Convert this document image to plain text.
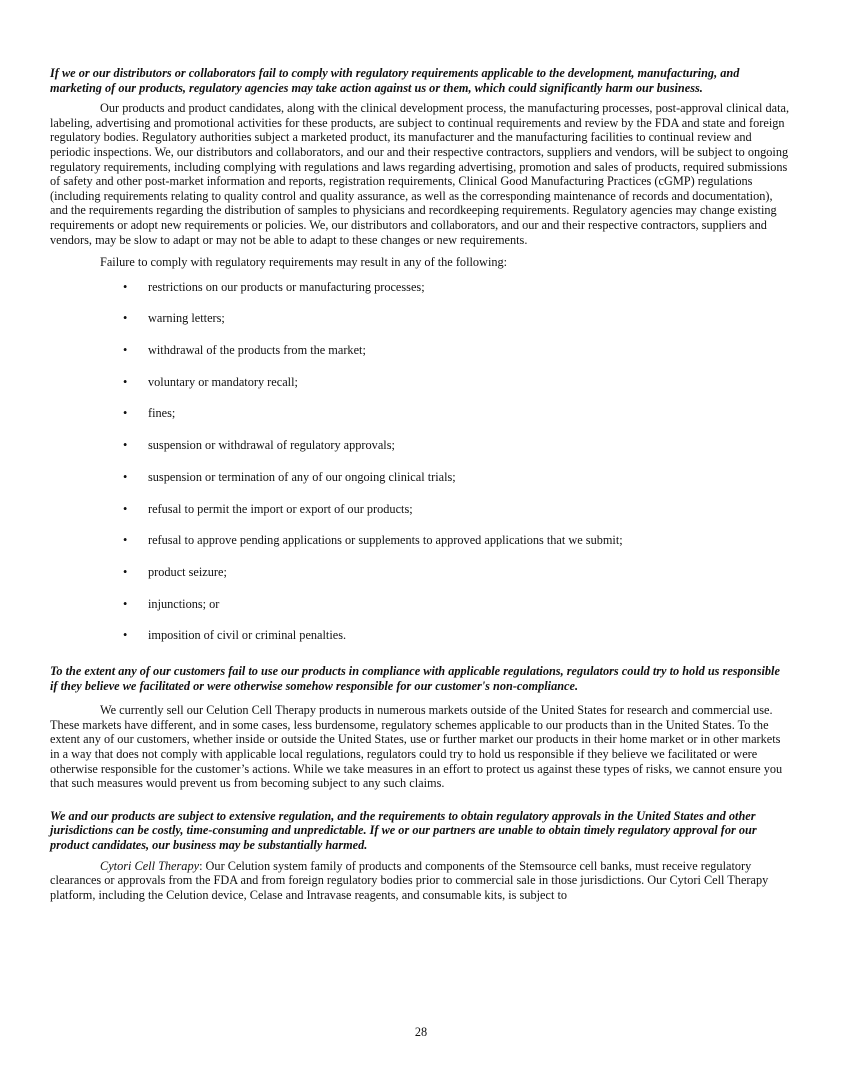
If we or our distributors or collaborators fail to comply with regulatory requirements applicable to the development, manufacturing, and marketing of our products, regulatory agencies may take action against us or them, which could significantly harm our business.

Our products and product candidates, along with the clinical development process, the manufacturing processes, post-approval clinical data, labeling, advertising and promotional activities for these products, are subject to continual requirements and review by the FDA and state and foreign regulatory bodies. Regulatory authorities subject a marketed product, its manufacturer and the manufacturing facilities to continual review and periodic inspections. We, our distributors and collaborators, and our and their respective contractors, suppliers and vendors, will be subject to ongoing regulatory requirements, including complying with regulations and laws regarding advertising, promotion and sales of products, required submissions of safety and other post-market information and reports, registration requirements, Clinical Good Manufacturing Practices (cGMP) regulations (including requirements relating to quality control and quality assurance, as well as the corresponding maintenance of records and documentation), and the requirements regarding the distribution of samples to physicians and recordkeeping requirements. Regulatory agencies may change existing requirements or adopt new requirements or policies. We, our distributors and collaborators, and our and their respective contractors, suppliers and vendors, may be slow to adapt or may not be able to adapt to these changes or new requirements.

Failure to comply with regulatory requirements may result in any of the following:

• restrictions on our products or manufacturing processes;
• warning letters;
• withdrawal of the products from the market;
• voluntary or mandatory recall;
• fines;
• suspension or withdrawal of regulatory approvals;
• suspension or termination of any of our ongoing clinical trials;
• refusal to permit the import or export of our products;
• refusal to approve pending applications or supplements to approved applications that we submit;
• product seizure;
• injunctions; or
• imposition of civil or criminal penalties.

To the extent any of our customers fail to use our products in compliance with applicable regulations, regulators could try to hold us responsible if they believe we facilitated or were otherwise somehow responsible for our customer's non-compliance.

We currently sell our Celution Cell Therapy products in numerous markets outside of the United States for research and commercial use. These markets have different, and in some cases, less burdensome, regulatory schemes applicable to our products than in the United States. To the extent any of our customers, whether inside or outside the United States, use or further market our products in their home market or in other markets in a way that does not comply with applicable local regulations, regulators could try to hold us responsible if they believe we facilitated or were otherwise responsible for the customer’s actions. While we take measures in an effort to protect us against these types of risks, we cannot ensure you that such measures would prevent us from becoming subject to any such claims.

We and our products are subject to extensive regulation, and the requirements to obtain regulatory approvals in the United States and other jurisdictions can be costly, time-consuming and unpredictable. If we or our partners are unable to obtain timely regulatory approval for our product candidates, our business may be substantially harmed.

Cytori Cell Therapy: Our Celution system family of products and components of the Stemsource cell banks, must receive regulatory clearances or approvals from the FDA and from foreign regulatory bodies prior to commercial sale in those jurisdictions. Our Cytori Cell Therapy platform, including the Celution device, Celase and Intravase reagents, and consumable kits, is subject to

28
